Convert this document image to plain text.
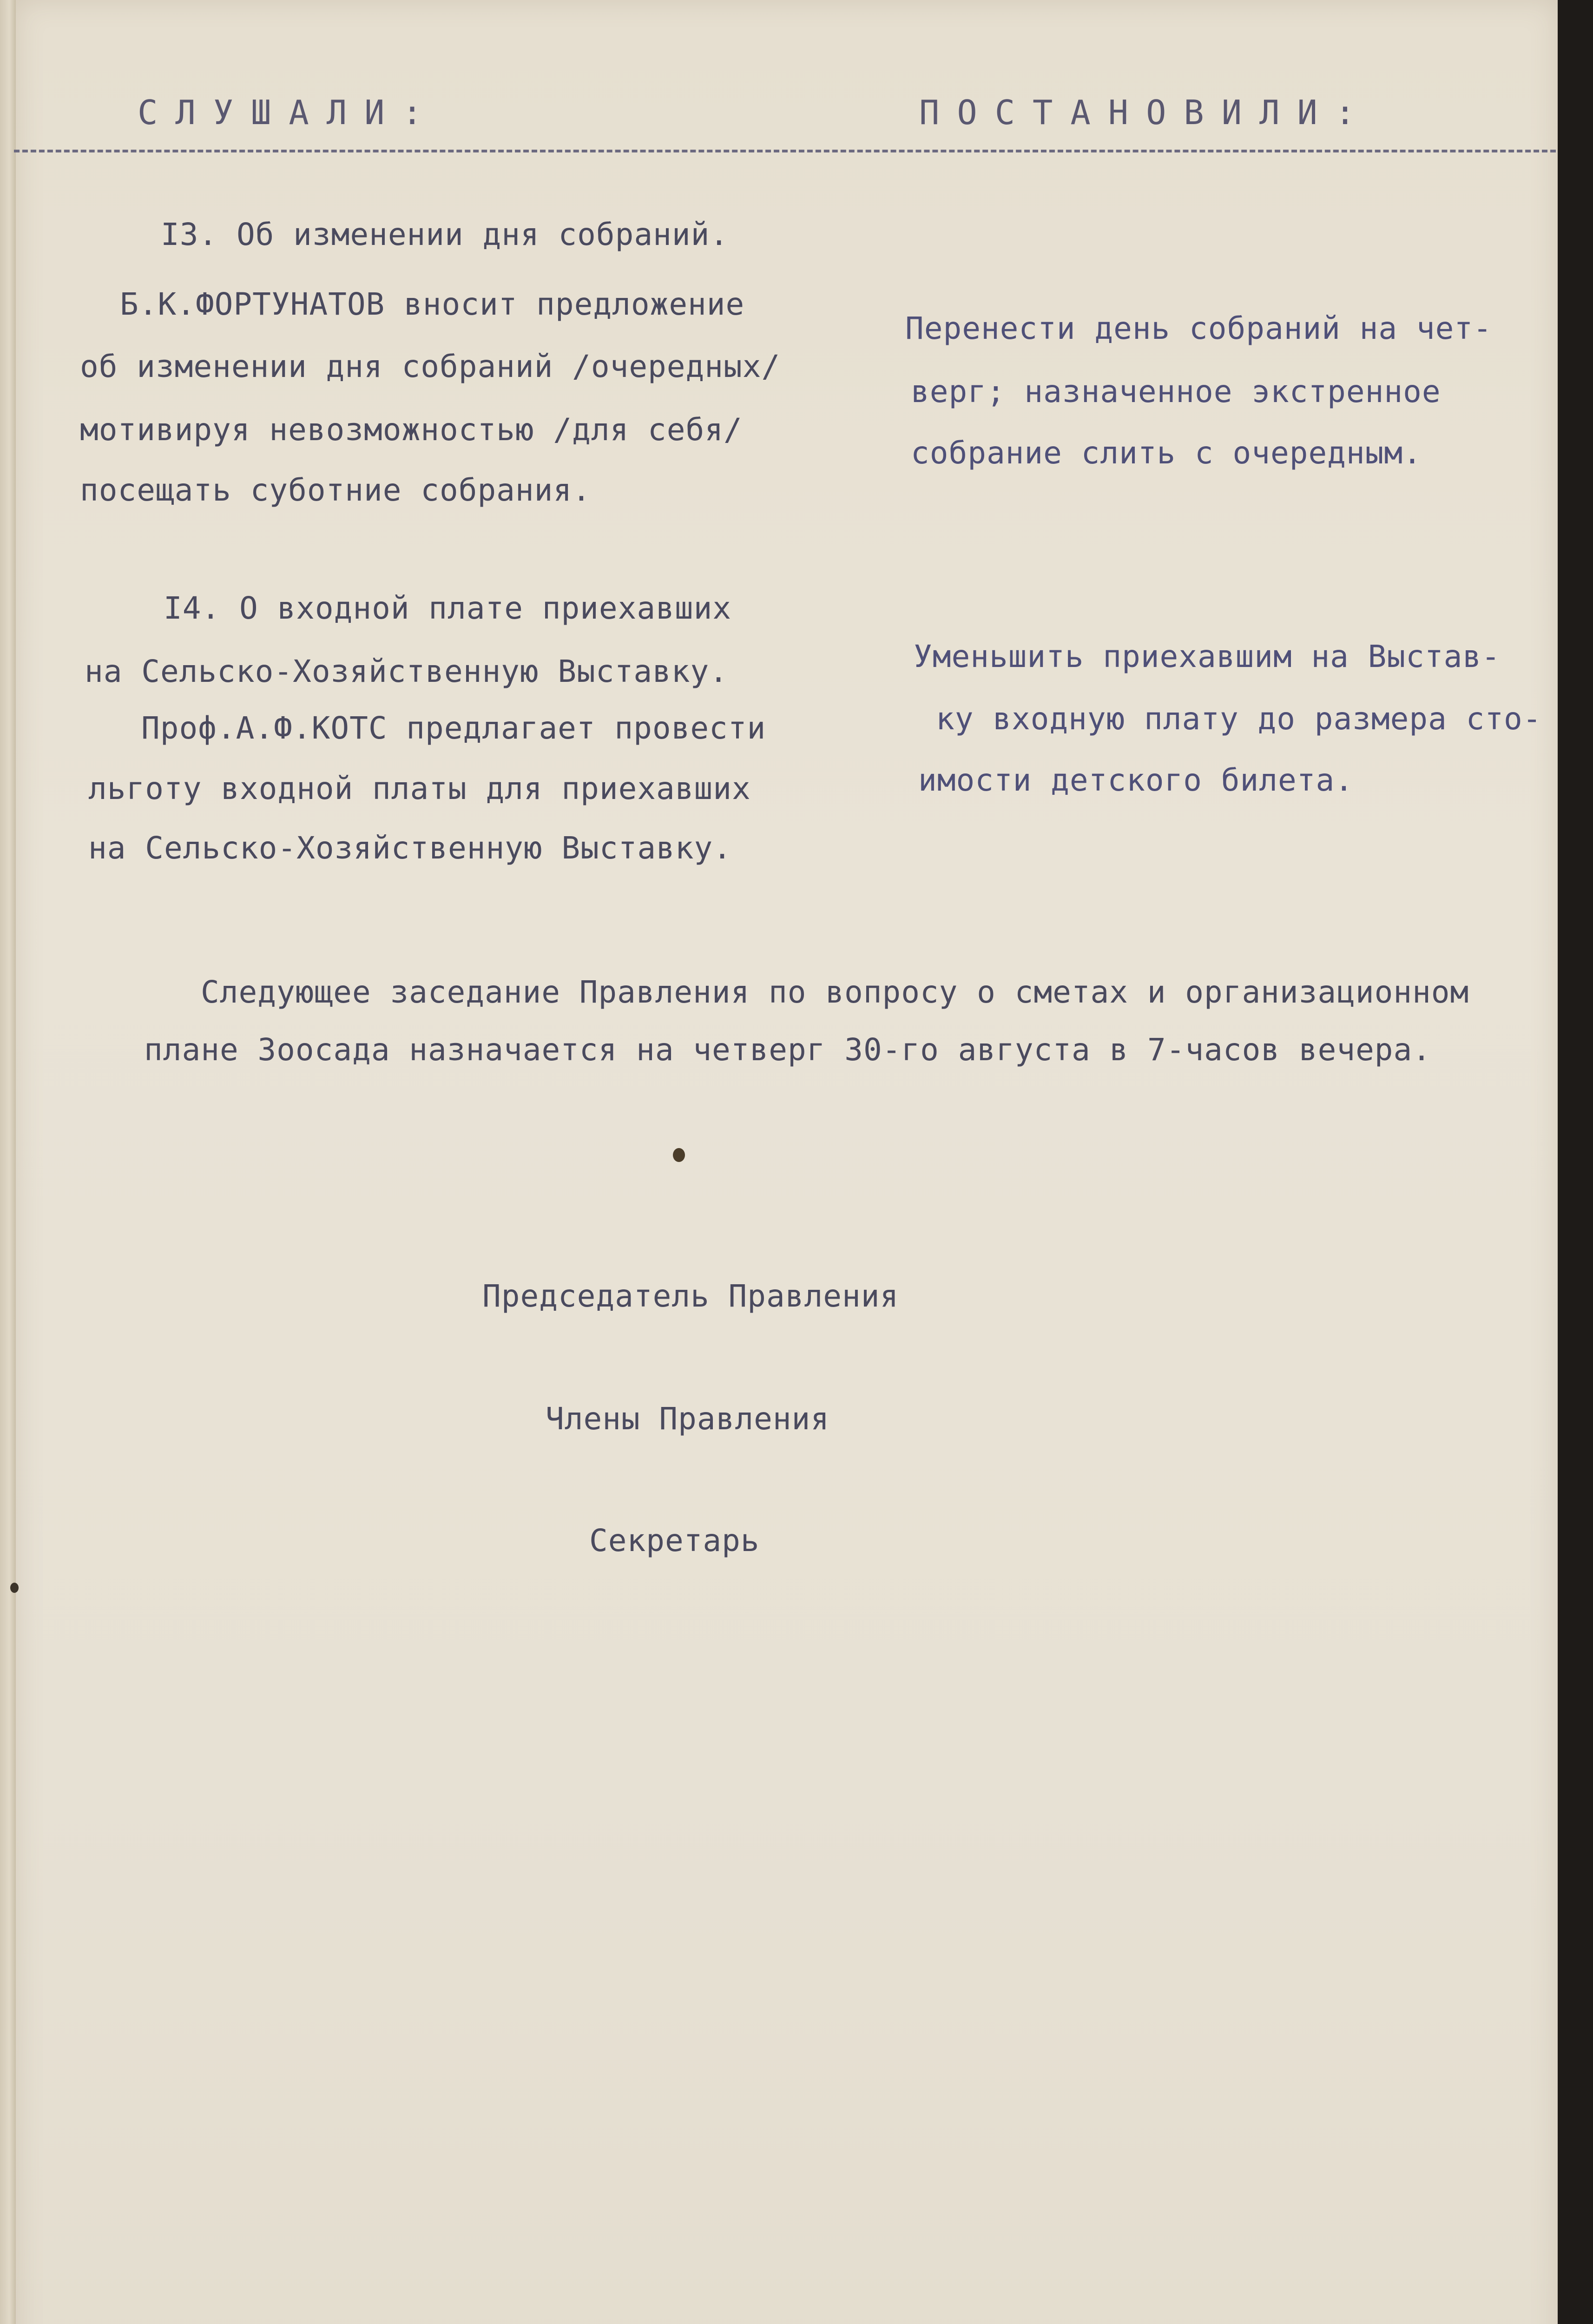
СЛУШАЛИ:	ПОСТАНОВИЛИ:
I3. Об изменении дня собраний.
Б.К.ФОРТУНАТОВ вносит предложение
об изменении дня собраний /очередных/
мотивируя невозможностью /для себя/
посещать суботние собрания.
Перенести день собраний на чет-
верг; назначенное экстренное
собрание слить с очередным.
I4. О входной плате приехавших
на Сельско-Хозяйственную Выставку.
Проф.А.Ф.КОТС предлагает провести
льготу входной платы для приехавших
на Сельско-Хозяйственную Выставку.
Уменьшить приехавшим на Выстав-
ку входную плату до размера сто-
имости детского билета.
Следующее заседание Правления по вопросу о сметах и организационном
плане Зоосада назначается на четверг 30-го августа в 7-часов вечера.
Председатель Правления
Члены Правления
Секретарь
